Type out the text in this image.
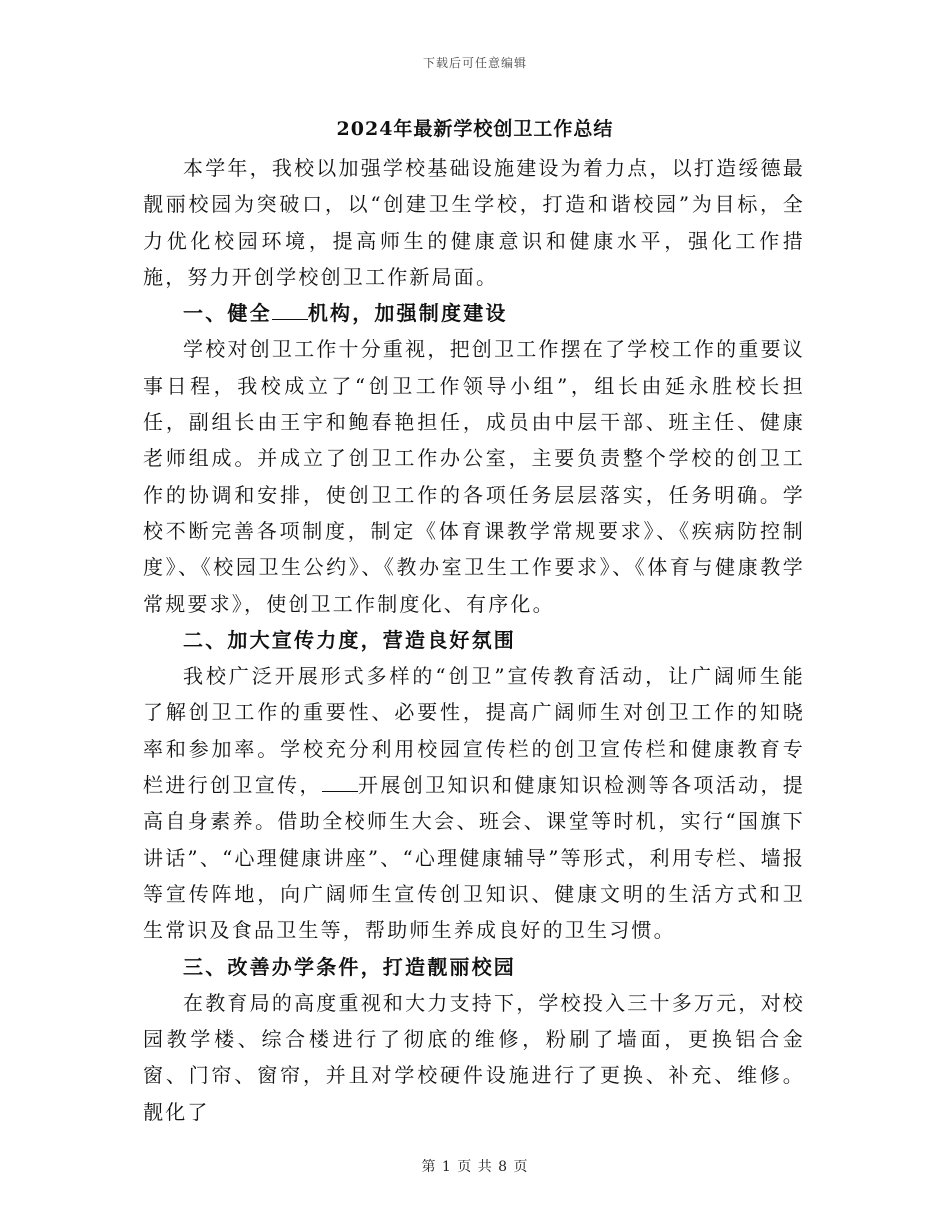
下载后可任意编辑
2024年最新学校创卫工作总结

本学年，我校以加强学校基础设施建设为着力点，以打造绥德最靓丽校园为突破口，以“创建卫生学校，打造和谐校园”为目标，全力优化校园环境，提高师生的健康意识和健康水平，强化工作措施，努力开创学校创卫工作新局面。

一、健全 机构，加强制度建设

学校对创卫工作十分重视，把创卫工作摆在了学校工作的重要议事日程，我校成立了“创卫工作领导小组”，组长由延永胜校长担任，副组长由王宇和鲍春艳担任，成员由中层干部、班主任、健康老师组成。并成立了创卫工作办公室，主要负责整个学校的创卫工作的协调和安排，使创卫工作的各项任务层层落实，任务明确。学校不断完善各项制度，制定《体育课教学常规要求》、《疾病防控制度》、《校园卫生公约》、《教办室卫生工作要求》、《体育与健康教学常规要求》，使创卫工作制度化、有序化。

二、加大宣传力度，营造良好氛围

我校广泛开展形式多样的“创卫”宣传教育活动，让广阔师生能了解创卫工作的重要性、必要性，提高广阔师生对创卫工作的知晓率和参加率。学校充分利用校园宣传栏的创卫宣传栏和健康教育专栏进行创卫宣传， 开展创卫知识和健康知识检测等各项活动，提高自身素养。借助全校师生大会、班会、课堂等时机，实行“国旗下讲话”、“心理健康讲座”、“心理健康辅导”等形式，利用专栏、墙报等宣传阵地，向广阔师生宣传创卫知识、健康文明的生活方式和卫生常识及食品卫生等，帮助师生养成良好的卫生习惯。

三、改善办学条件，打造靓丽校园

在教育局的高度重视和大力支持下，学校投入三十多万元，对校园教学楼、综合楼进行了彻底的维修，粉刷了墙面，更换铝合金窗、门帘、窗帘，并且对学校硬件设施进行了更换、补充、维修。靓化了

第 1 页 共 8 页
